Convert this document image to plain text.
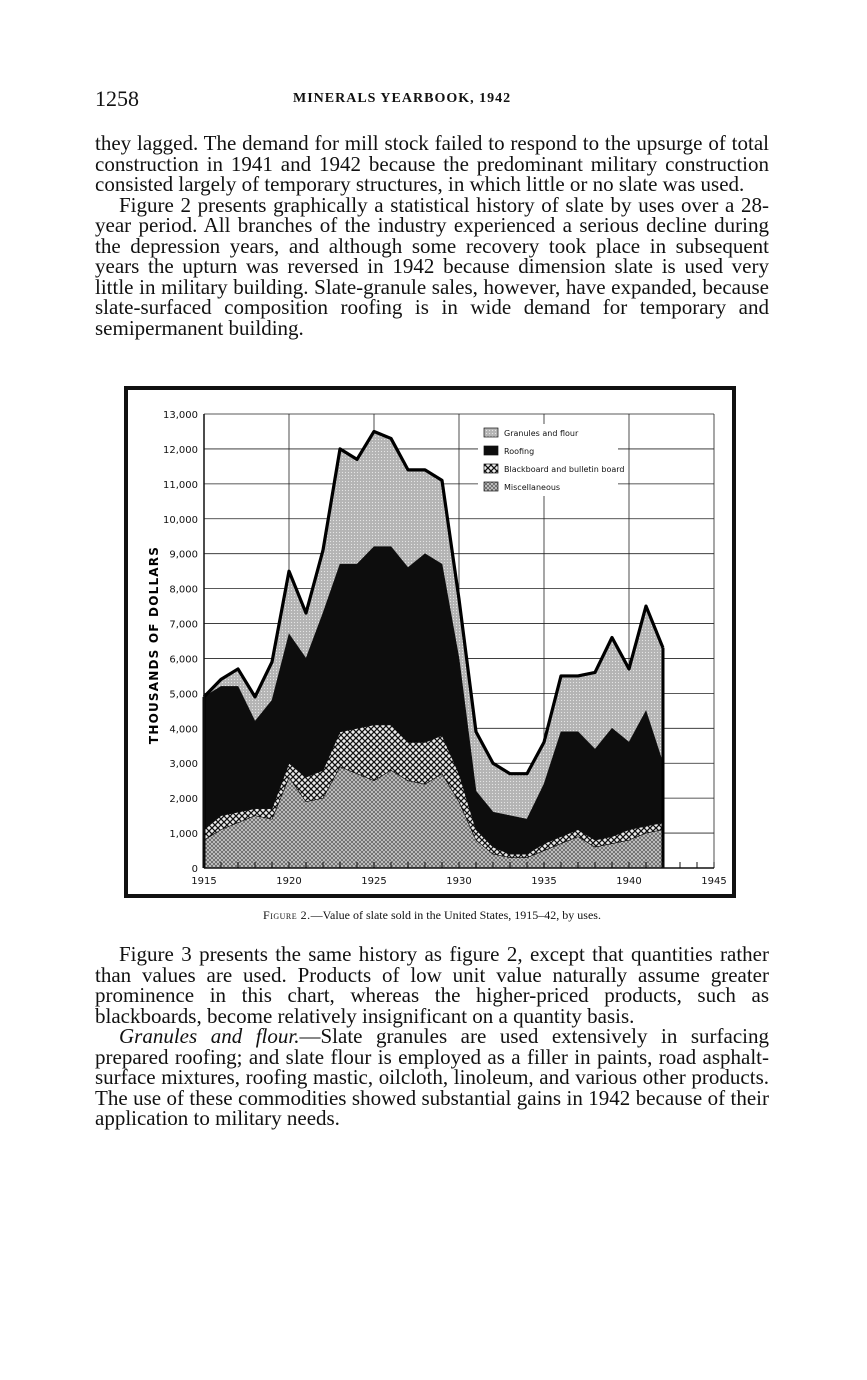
1258	MINERALS YEARBOOK, 1942

they lagged. The demand for mill stock failed to respond to the upsurge of total construction in 1941 and 1942 because the predominant military construction consisted largely of temporary structures, in which little or no slate was used.

Figure 2 presents graphically a statistical history of slate by uses over a 28-year period. All branches of the industry experienced a serious decline during the depression years, and although some recovery took place in subsequent years the upturn was reversed in 1942 because dimension slate is used very little in military building. Slate-granule sales, however, have expanded, because slate-surfaced composition roofing is in wide demand for temporary and semipermanent building.

0
1,000
2,000
3,000
4,000
5,000
6,000
7,000
8,000
9,000
10,000
11,000
12,000
13,000
1915	1920	1925	1930	1935	1940	1945
Granules and flour
Roofing
Blackboard and bulletin board
Miscellaneous
THOUSANDS OF DOLLARS
Figure 2.—Value of slate sold in the United States, 1915–42, by uses.

Figure 3 presents the same history as figure 2, except that quantities rather than values are used. Products of low unit value naturally assume greater prominence in this chart, whereas the higher-priced products, such as blackboards, become relatively insignificant on a quantity basis.

Granules and flour.—Slate granules are used extensively in surfacing prepared roofing; and slate flour is employed as a filler in paints, road asphalt-surface mixtures, roofing mastic, oilcloth, linoleum, and various other products. The use of these commodities showed substantial gains in 1942 because of their application to military needs.
